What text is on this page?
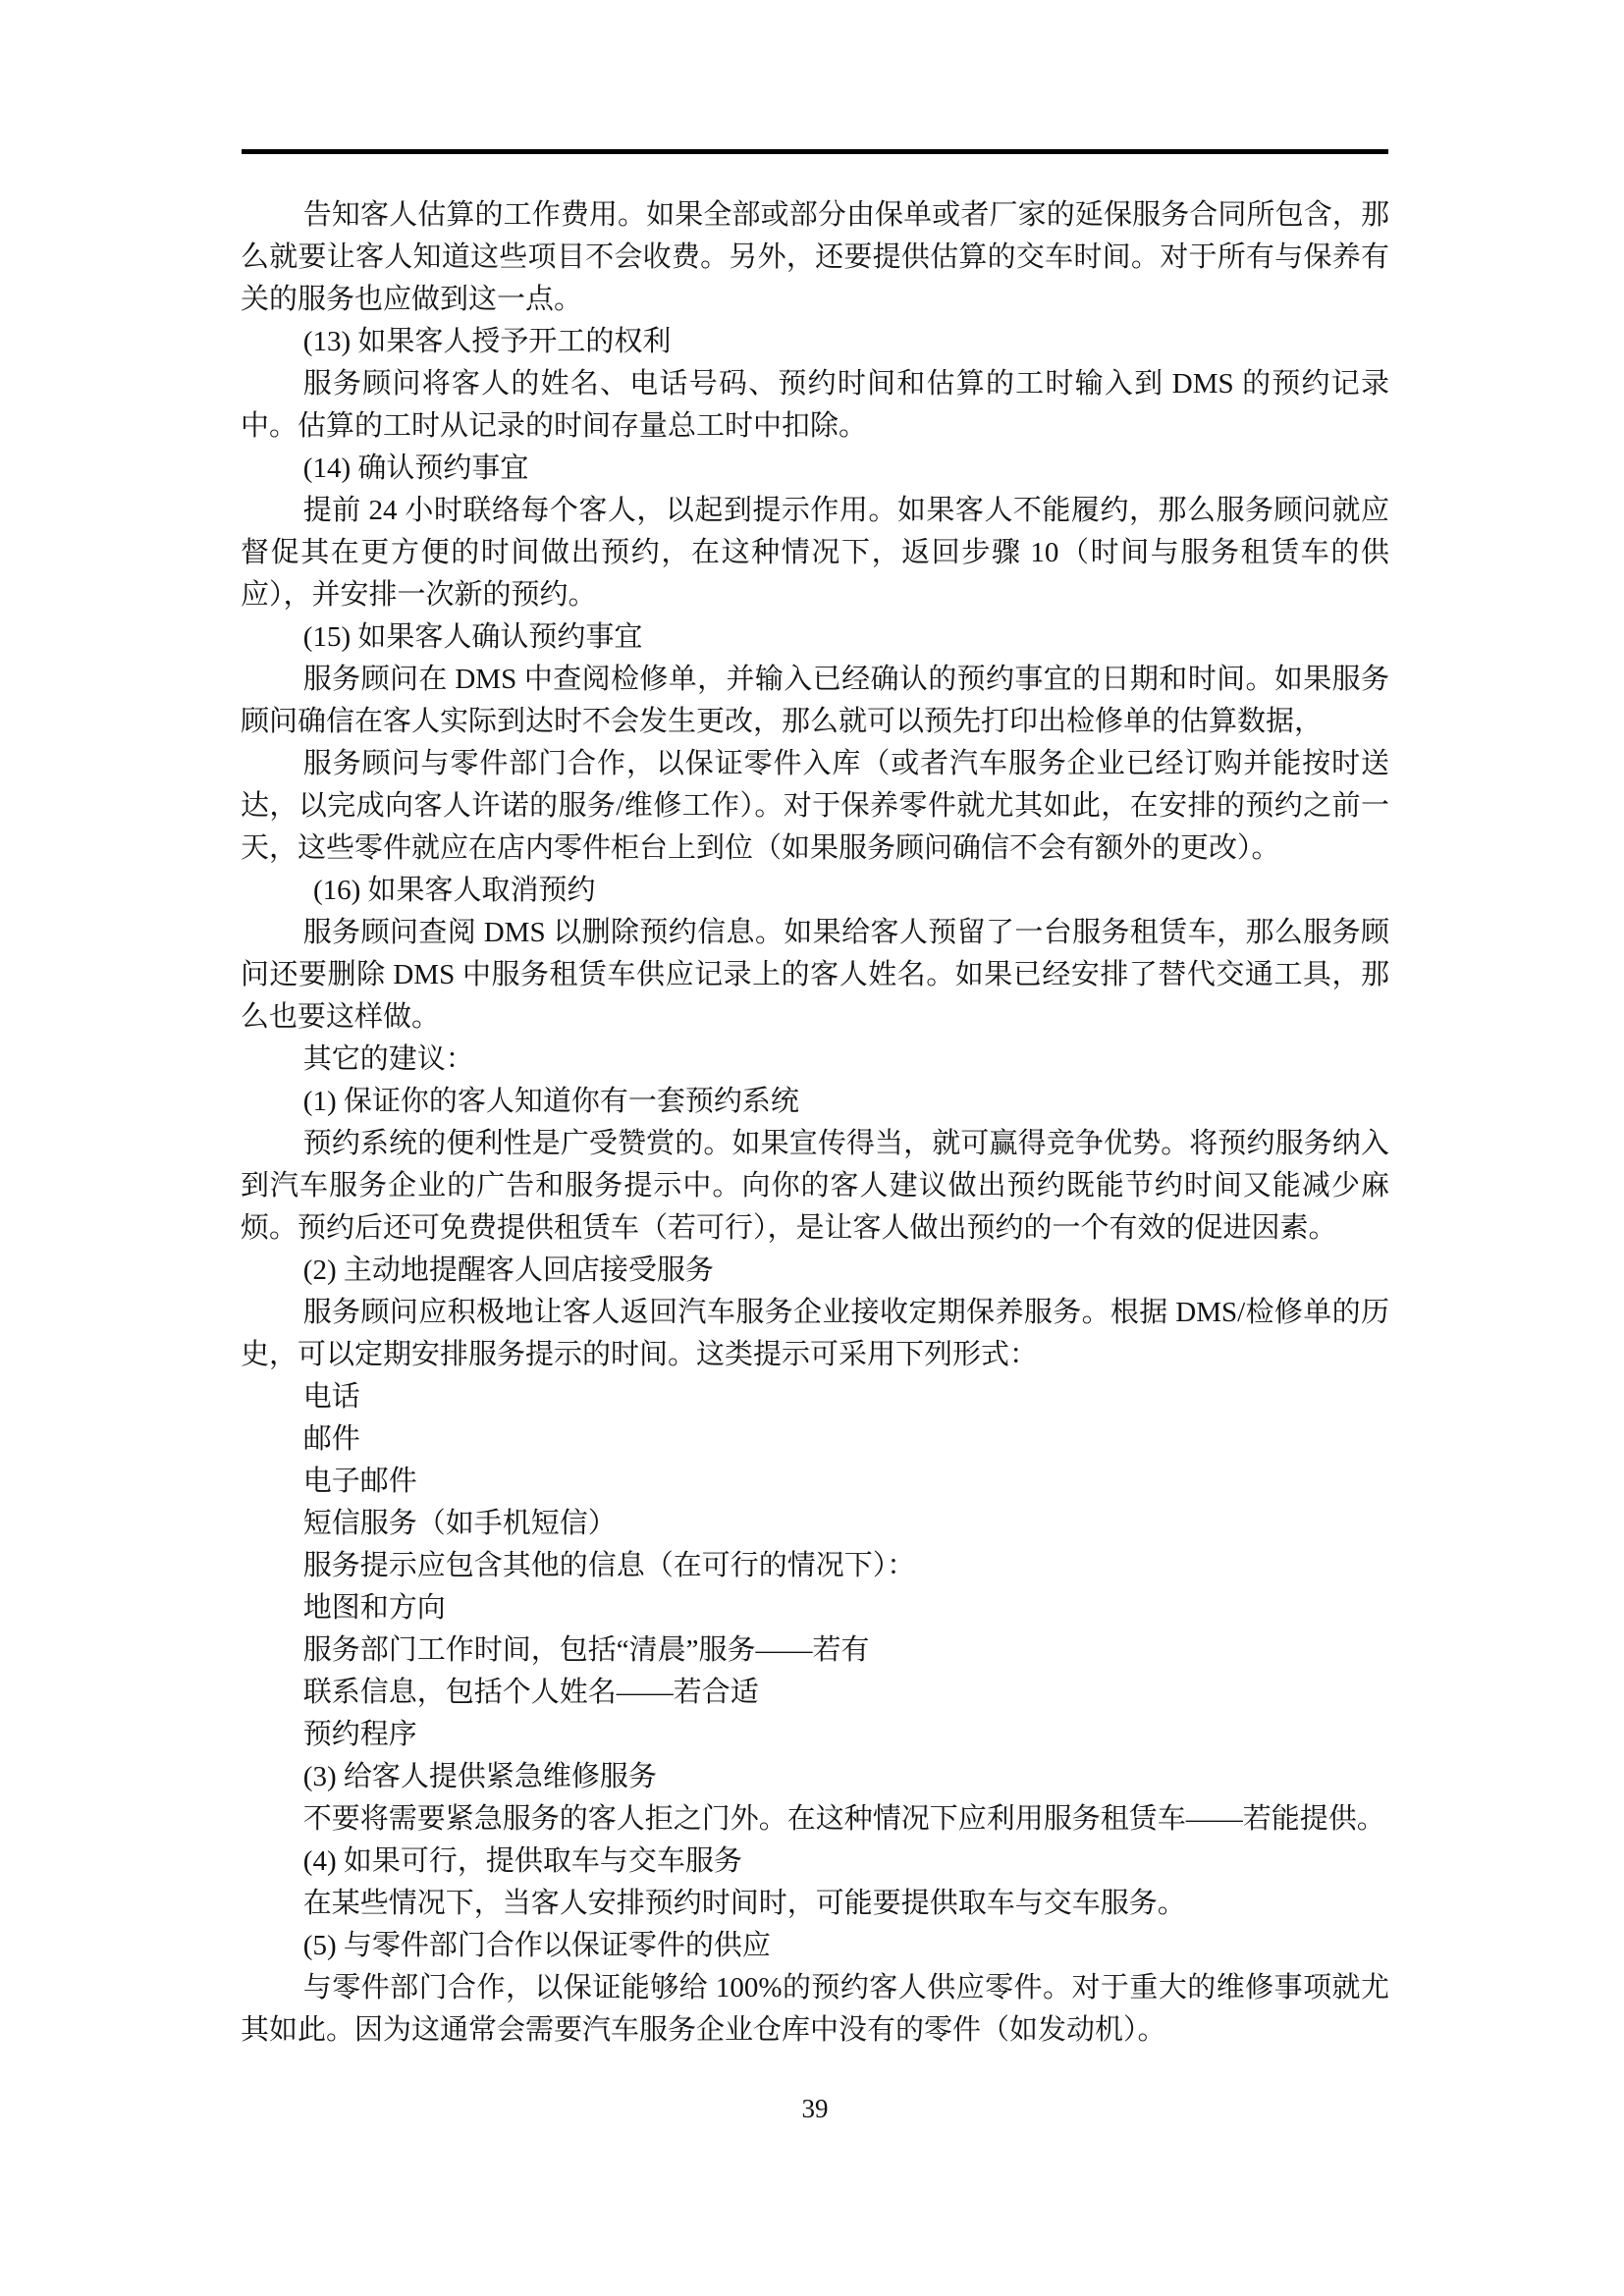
告知客人估算的工作费用。如果全部或部分由保单或者厂家的延保服务合同所包含，那么就要让客人知道这些项目不会收费。另外，还要提供估算的交车时间。对于所有与保养有关的服务也应做到这一点。

(13) 如果客人授予开工的权利

服务顾问将客人的姓名、电话号码、预约时间和估算的工时输入到 DMS 的预约记录中。估算的工时从记录的时间存量总工时中扣除。

(14) 确认预约事宜

提前 24 小时联络每个客人，以起到提示作用。如果客人不能履约，那么服务顾问就应督促其在更方便的时间做出预约，在这种情况下，返回步骤 10（时间与服务租赁车的供应），并安排一次新的预约。

(15) 如果客人确认预约事宜

服务顾问在 DMS 中查阅检修单，并输入已经确认的预约事宜的日期和时间。如果服务顾问确信在客人实际到达时不会发生更改，那么就可以预先打印出检修单的估算数据，

服务顾问与零件部门合作，以保证零件入库（或者汽车服务企业已经订购并能按时送达，以完成向客人许诺的服务/维修工作）。对于保养零件就尤其如此，在安排的预约之前一天，这些零件就应在店内零件柜台上到位（如果服务顾问确信不会有额外的更改）。

(16) 如果客人取消预约

服务顾问查阅 DMS 以删除预约信息。如果给客人预留了一台服务租赁车，那么服务顾问还要删除 DMS 中服务租赁车供应记录上的客人姓名。如果已经安排了替代交通工具，那么也要这样做。

其它的建议：

(1) 保证你的客人知道你有一套预约系统

预约系统的便利性是广受赞赏的。如果宣传得当，就可赢得竞争优势。将预约服务纳入到汽车服务企业的广告和服务提示中。向你的客人建议做出预约既能节约时间又能减少麻烦。预约后还可免费提供租赁车（若可行），是让客人做出预约的一个有效的促进因素。

(2) 主动地提醒客人回店接受服务

服务顾问应积极地让客人返回汽车服务企业接收定期保养服务。根据 DMS/检修单的历史，可以定期安排服务提示的时间。这类提示可采用下列形式：

电话

邮件

电子邮件

短信服务（如手机短信）

服务提示应包含其他的信息（在可行的情况下）：

地图和方向

服务部门工作时间，包括“清晨”服务——若有

联系信息，包括个人姓名——若合适

预约程序

(3) 给客人提供紧急维修服务

不要将需要紧急服务的客人拒之门外。在这种情况下应利用服务租赁车——若能提供。

(4) 如果可行，提供取车与交车服务

在某些情况下，当客人安排预约时间时，可能要提供取车与交车服务。

(5) 与零件部门合作以保证零件的供应

与零件部门合作，以保证能够给 100%的预约客人供应零件。对于重大的维修事项就尤其如此。因为这通常会需要汽车服务企业仓库中没有的零件（如发动机）。

39
